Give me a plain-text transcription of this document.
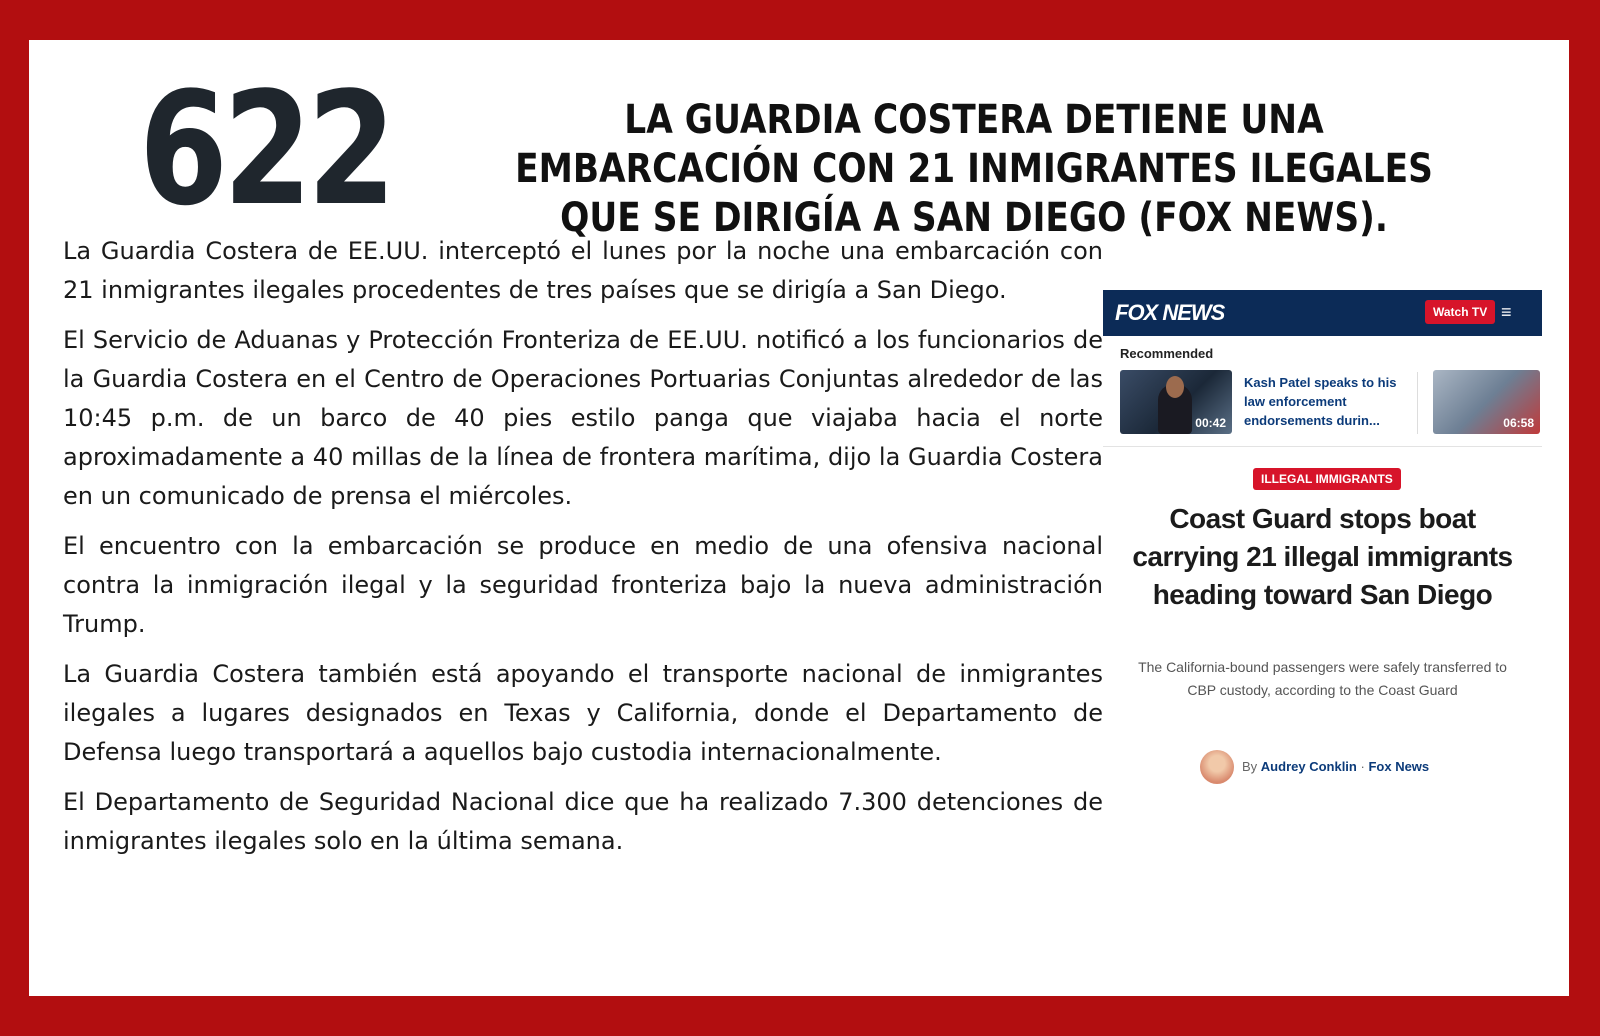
622	LA GUARDIA COSTERA DETIENE UNA EMBARCACIÓN CON 21 INMIGRANTES ILEGALES QUE SE DIRIGÍA A SAN DIEGO (FOX NEWS).

La Guardia Costera de EE.UU. interceptó el lunes por la noche una embarcación con 21 inmigrantes ilegales procedentes de tres países que se dirigía a San Diego.

El Servicio de Aduanas y Protección Fronteriza de EE.UU. notificó a los funcionarios de la Guardia Costera en el Centro de Operaciones Portuarias Conjuntas alrededor de las 10:45 p.m. de un barco de 40 pies estilo panga que viajaba hacia el norte aproximadamente a 40 millas de la línea de frontera marítima, dijo la Guardia Costera en un comunicado de prensa el miércoles.

El encuentro con la embarcación se produce en medio de una ofensiva nacional contra la inmigración ilegal y la seguridad fronteriza bajo la nueva administración Trump.

La Guardia Costera también está apoyando el transporte nacional de inmigrantes ilegales a lugares designados en Texas y California, donde el Departamento de Defensa luego transportará a aquellos bajo custodia internacionalmente.

El Departamento de Seguridad Nacional dice que ha realizado 7.300 detenciones de inmigrantes ilegales solo en la última semana.

FOX NEWS	Watch TV ≡
Recommended
00:42
Kash Patel speaks to his law enforcement endorsements durin...	06:58
ILLEGAL IMMIGRANTS
Coast Guard stops boat carrying 21 illegal immigrants heading toward San Diego
The California-bound passengers were safely transferred to CBP custody, according to the Coast Guard
By Audrey Conklin · Fox News
